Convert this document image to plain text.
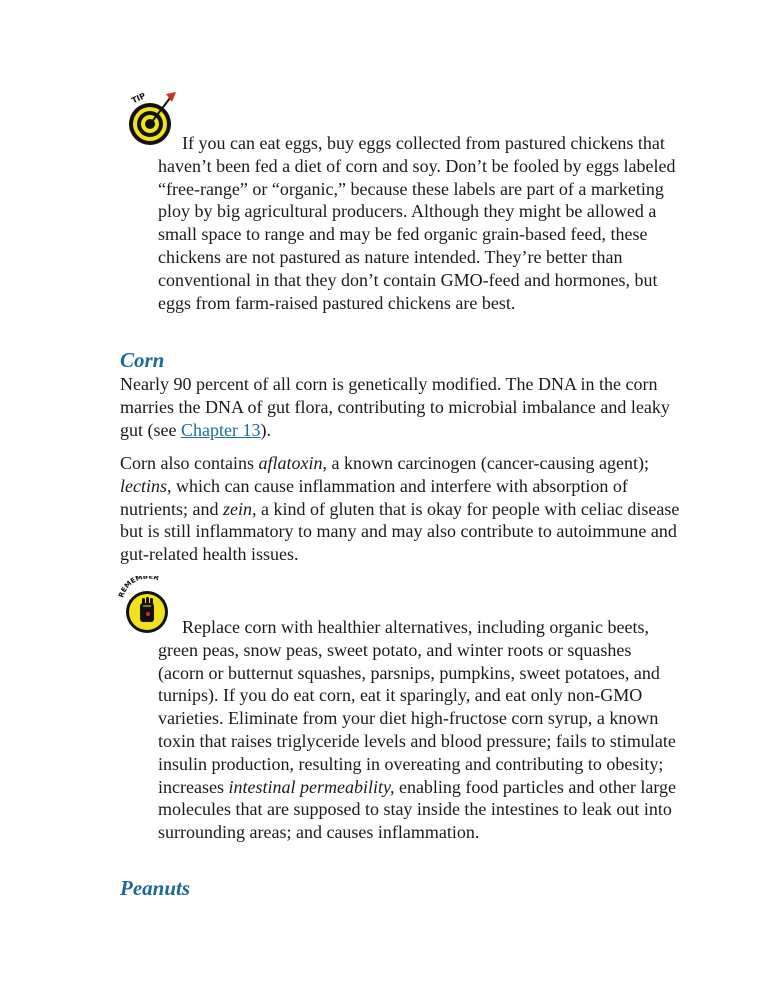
TIP

If you can eat eggs, buy eggs collected from pastured chickens that haven’t been fed a diet of corn and soy. Don’t be fooled by eggs labeled “free-range” or “organic,” because these labels are part of a marketing ploy by big agricultural producers. Although they might be allowed a small space to range and may be fed organic grain-based feed, these chickens are not pastured as nature intended. They’re better than conventional in that they don’t contain GMO-feed and hormones, but eggs from farm-raised pastured chickens are best.

Corn

Nearly 90 percent of all corn is genetically modified. The DNA in the corn marries the DNA of gut flora, contributing to microbial imbalance and leaky gut (see Chapter 13).

Corn also contains aflatoxin, a known carcinogen (cancer-causing agent); lectins, which can cause inflammation and interfere with absorption of nutrients; and zein, a kind of gluten that is okay for people with celiac disease but is still inflammatory to many and may also contribute to autoimmune and gut-related health issues.

REMEMBER

Replace corn with healthier alternatives, including organic beets, green peas, snow peas, sweet potato, and winter roots or squashes (acorn or butternut squashes, parsnips, pumpkins, sweet potatoes, and turnips). If you do eat corn, eat it sparingly, and eat only non-GMO varieties. Eliminate from your diet high-fructose corn syrup, a known toxin that raises triglyceride levels and blood pressure; fails to stimulate insulin production, resulting in overeating and contributing to obesity; increases intestinal permeability, enabling food particles and other large molecules that are supposed to stay inside the intestines to leak out into surrounding areas; and causes inflammation.

Peanuts
